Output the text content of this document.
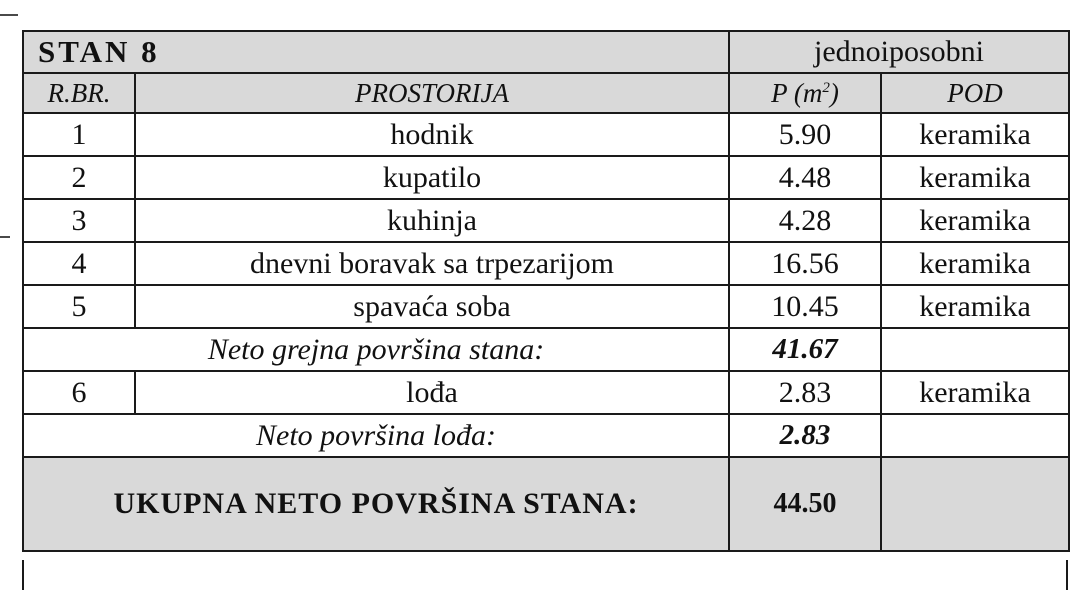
STAN 8		jednoiposobni	
R.BR.	PROSTORIJA	P $(m^2)$	POD
1	hodnik	5.90	keramika
2	kupatilo	4.48	keramika
3	kuhinja	4.28	keramika
4	dnevni boravak sa trpezarijom	16.56	keramika
5	spavaća soba	10.45	keramika
Neto grejna površina stana:		41.67	
6	lođa	2.83	keramika
Neto površina lođa:		2.83	
UKUPNA NETO POVRŠINA STANA:		44.50	
